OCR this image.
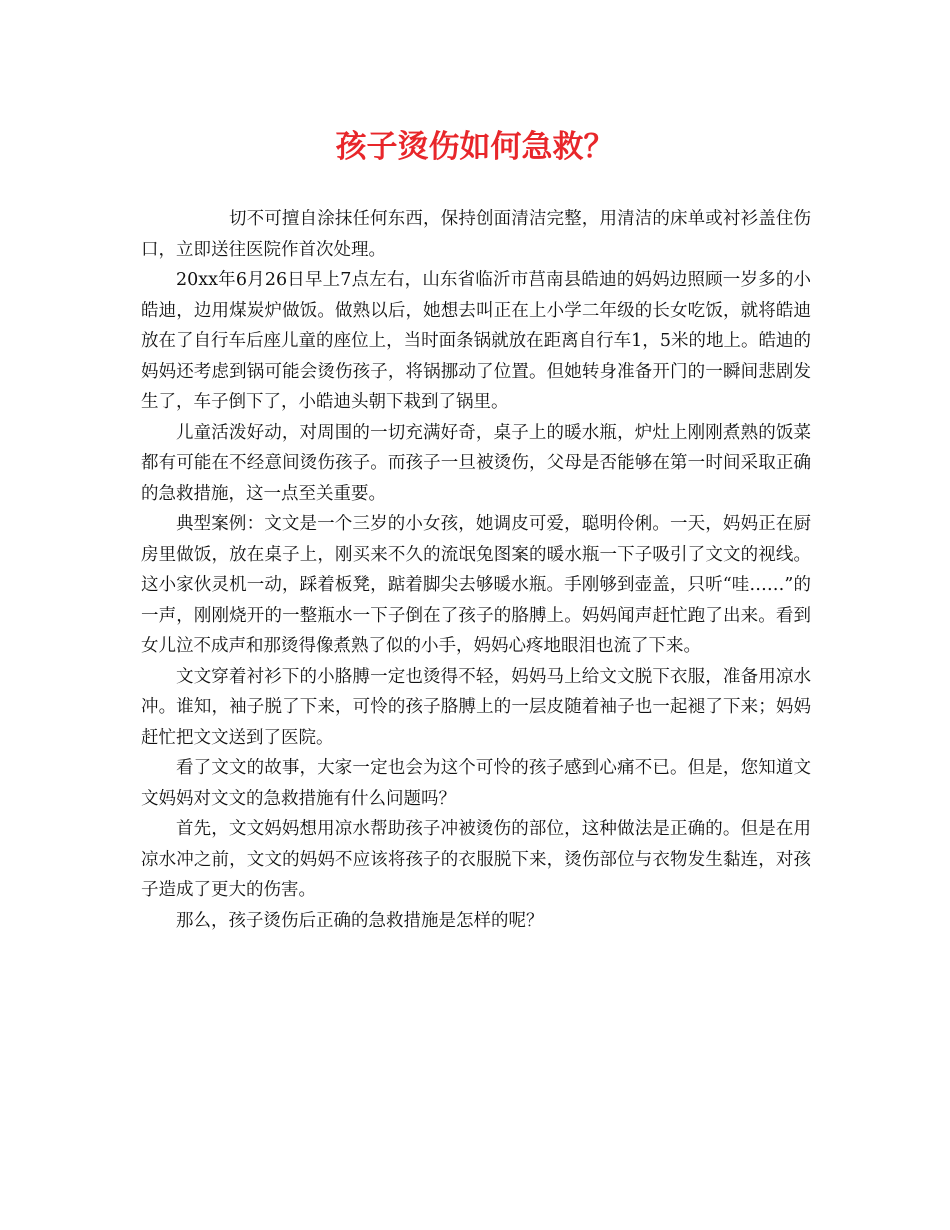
孩子烫伤如何急救？

切不可擅自涂抹任何东西，保持创面清洁完整，用清洁的床单或衬衫盖住伤口，立即送往医院作首次处理。

20xx年6月26日早上7点左右，山东省临沂市莒南县皓迪的妈妈边照顾一岁多的小皓迪，边用煤炭炉做饭。做熟以后，她想去叫正在上小学二年级的长女吃饭，就将皓迪放在了自行车后座儿童的座位上，当时面条锅就放在距离自行车1，5米的地上。皓迪的妈妈还考虑到锅可能会烫伤孩子，将锅挪动了位置。但她转身准备开门的一瞬间悲剧发生了，车子倒下了，小皓迪头朝下栽到了锅里。

儿童活泼好动，对周围的一切充满好奇，桌子上的暖水瓶，炉灶上刚刚煮熟的饭菜都有可能在不经意间烫伤孩子。而孩子一旦被烫伤，父母是否能够在第一时间采取正确的急救措施，这一点至关重要。

典型案例：文文是一个三岁的小女孩，她调皮可爱，聪明伶俐。一天，妈妈正在厨房里做饭，放在桌子上，刚买来不久的流氓兔图案的暖水瓶一下子吸引了文文的视线。这小家伙灵机一动，踩着板凳，踮着脚尖去够暖水瓶。手刚够到壶盖，只听“哇……”的一声，刚刚烧开的一整瓶水一下子倒在了孩子的胳膊上。妈妈闻声赶忙跑了出来。看到女儿泣不成声和那烫得像煮熟了似的小手，妈妈心疼地眼泪也流了下来。

文文穿着衬衫下的小胳膊一定也烫得不轻，妈妈马上给文文脱下衣服，准备用凉水冲。谁知，袖子脱了下来，可怜的孩子胳膊上的一层皮随着袖子也一起褪了下来；妈妈赶忙把文文送到了医院。

看了文文的故事，大家一定也会为这个可怜的孩子感到心痛不已。但是，您知道文文妈妈对文文的急救措施有什么问题吗？

首先，文文妈妈想用凉水帮助孩子冲被烫伤的部位，这种做法是正确的。但是在用凉水冲之前，文文的妈妈不应该将孩子的衣服脱下来，烫伤部位与衣物发生黏连，对孩子造成了更大的伤害。

那么，孩子烫伤后正确的急救措施是怎样的呢？
